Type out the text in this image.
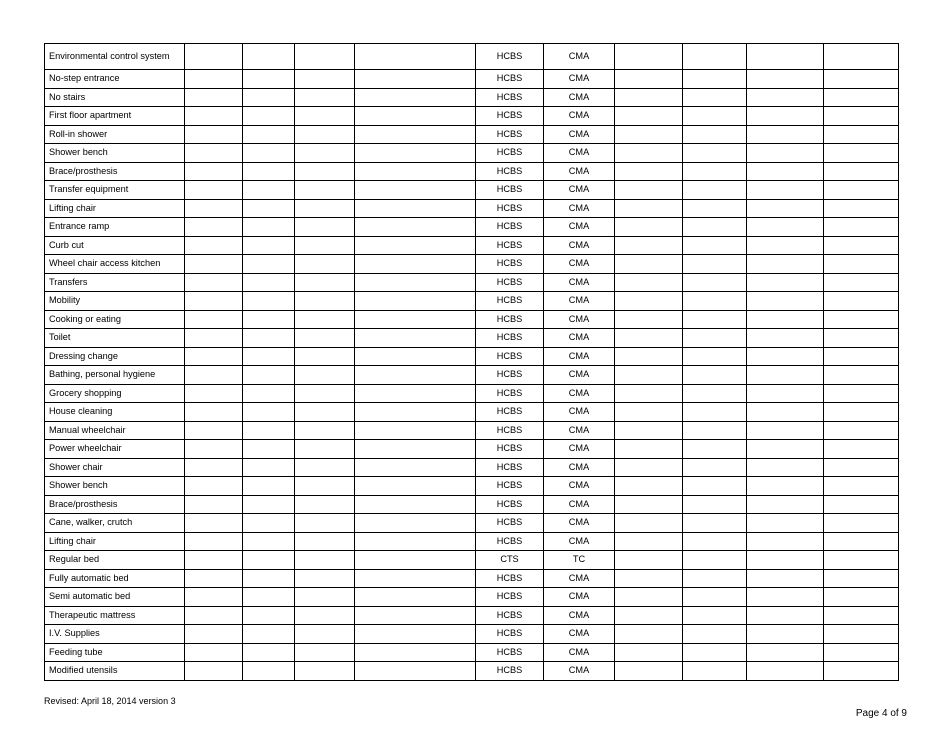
Environmental control system					HCBS	CMA				
No-step entrance					HCBS	CMA				
No stairs					HCBS	CMA				
First floor apartment					HCBS	CMA				
Roll-in shower					HCBS	CMA				
Shower bench					HCBS	CMA				
Brace/prosthesis					HCBS	CMA				
Transfer equipment					HCBS	CMA				
Lifting chair					HCBS	CMA				
Entrance ramp					HCBS	CMA				
Curb cut					HCBS	CMA				
Wheel chair access kitchen					HCBS	CMA				
Transfers					HCBS	CMA				
Mobility					HCBS	CMA				
Cooking or eating					HCBS	CMA				
Toilet					HCBS	CMA				
Dressing change					HCBS	CMA				
Bathing, personal hygiene					HCBS	CMA				
Grocery shopping					HCBS	CMA				
House cleaning					HCBS	CMA				
Manual wheelchair					HCBS	CMA				
Power wheelchair					HCBS	CMA				
Shower chair					HCBS	CMA				
Shower bench					HCBS	CMA				
Brace/prosthesis					HCBS	CMA				
Cane, walker, crutch					HCBS	CMA				
Lifting chair					HCBS	CMA				
Regular bed					CTS	TC				
Fully automatic bed					HCBS	CMA				
Semi automatic bed					HCBS	CMA				
Therapeutic mattress					HCBS	CMA				
I.V. Supplies					HCBS	CMA				
Feeding tube					HCBS	CMA				
Modified utensils					HCBS	CMA				
Revised: April 18, 2014 version 3
Page 4 of 9
